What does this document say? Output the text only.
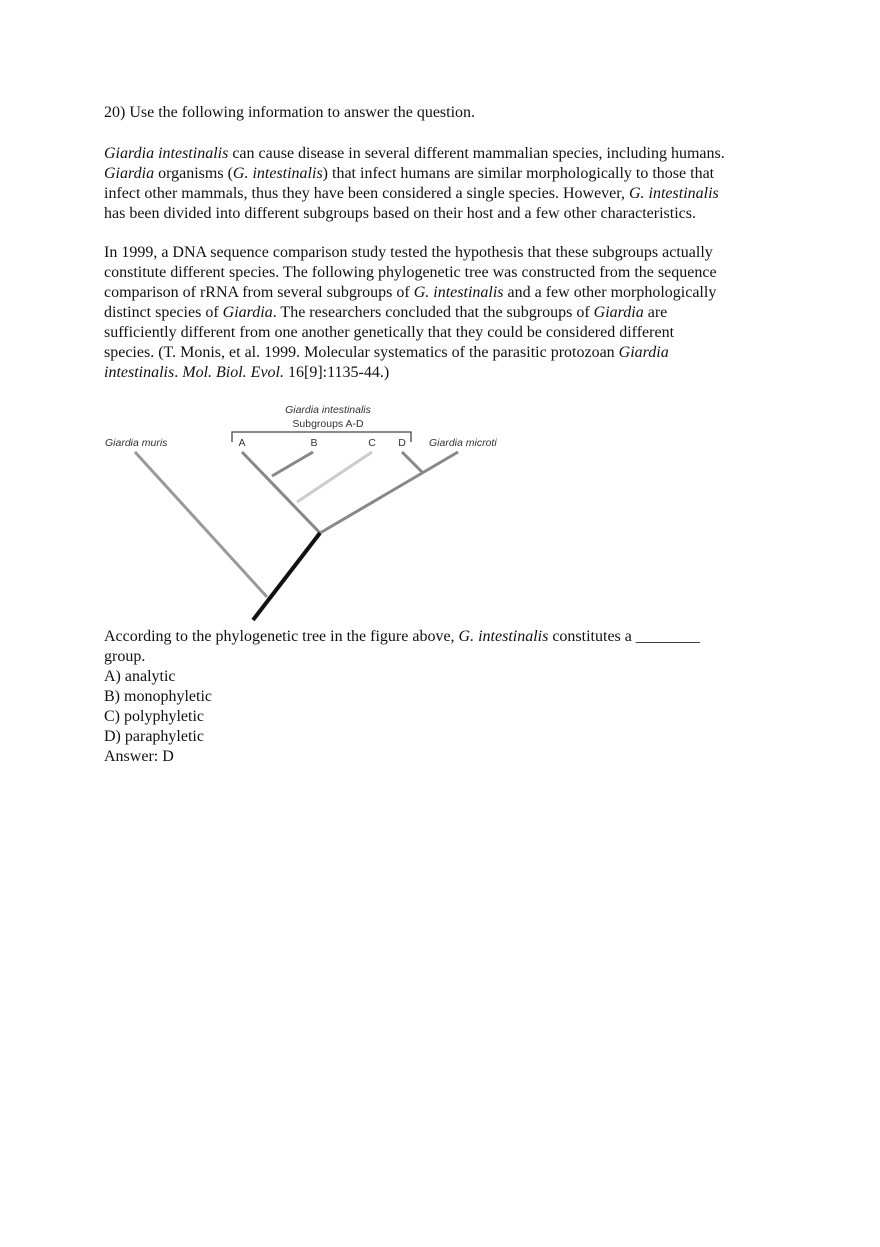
20) Use the following information to answer the question.
Giardia intestinalis can cause disease in several different mammalian species, including humans.
Giardia organisms (G. intestinalis) that infect humans are similar morphologically to those that
infect other mammals, thus they have been considered a single species. However, G. intestinalis
has been divided into different subgroups based on their host and a few other characteristics.
In 1999, a DNA sequence comparison study tested the hypothesis that these subgroups actually
constitute different species. The following phylogenetic tree was constructed from the sequence
comparison of rRNA from several subgroups of G. intestinalis and a few other morphologically
distinct species of Giardia. The researchers concluded that the subgroups of Giardia are
sufficiently different from one another genetically that they could be considered different
species. (T. Monis, et al. 1999. Molecular systematics of the parasitic protozoan Giardia
intestinalis. Mol. Biol. Evol. 16[9]:1135-44.)
Giardia intestinalis
Subgroups A-D
Giardia muris	A	B	C D Giardia microti
According to the phylogenetic tree in the figure above, G. intestinalis constitutes a ________
group.
A) analytic
B) monophyletic
C) polyphyletic
D) paraphyletic
Answer: D
